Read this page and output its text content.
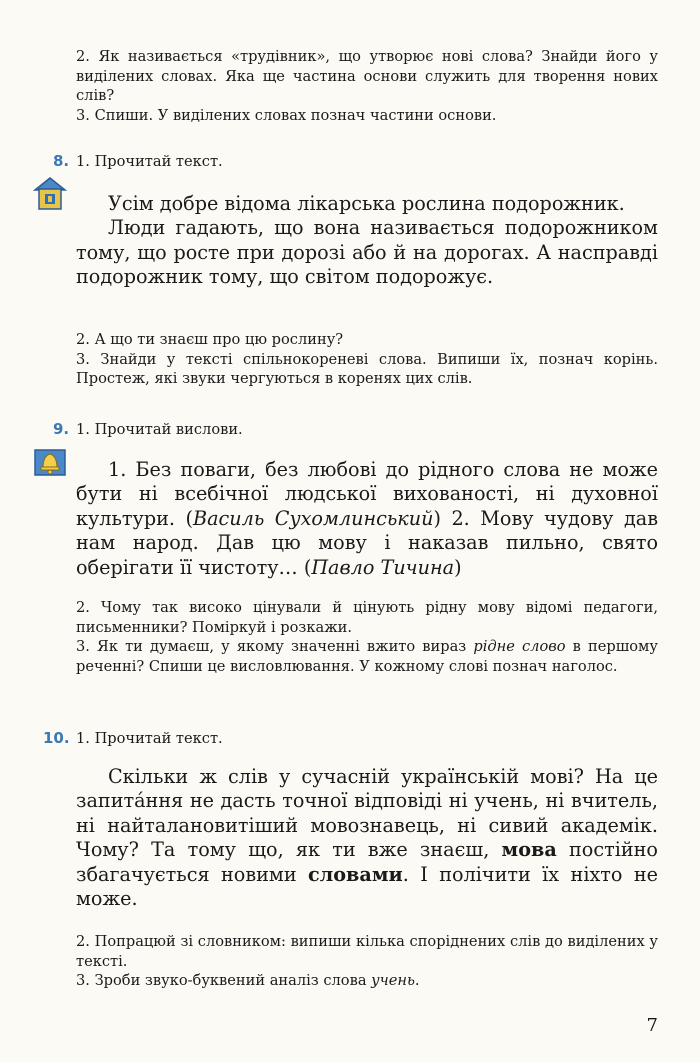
2. Як називається «трудівник», що утворює нові слова? Знайди його у виділених словах. Яка ще частина основи служить для творення нових слів?

3. Спиши. У виділених словах познач частини основи.

8. 1. Прочитай текст.

Усім добре відома лікарська рослина подорожник.

Люди гадають, що вона називається подорожником тому, що росте при дорозі або й на дорогах. А насправді подорожник тому, що світом подорожує.

2. А що ти знаєш про цю рослину?

3. Знайди у тексті спільнокореневі слова. Випиши їх, познач корінь. Простеж, які звуки чергуються в коренях цих слів.

9. 1. Прочитай вислови.

1. Без поваги, без любові до рідного слова не може бути ні всебічної людської вихованості, ні духовної культури. (Василь Сухомлинський) 2. Мову чудову дав нам народ. Дав цю мову і наказав пильно, свято оберігати її чистоту… (Павло Тичина)

2. Чому так високо цінували й цінують рідну мову відомі педагоги, письменники? Поміркуй і розкажи.

3. Як ти думаєш, у якому значенні вжито вираз рідне слово в першому реченні? Спиши це висловлювання. У кожному слові познач наголос.

10. 1. Прочитай текст.

Скільки ж слів у сучасній українській мові? На це запита́ння не дасть точної відповіді ні учень, ні вчитель, ні найталановитіший мовознавець, ні сивий академік. Чому? Та тому що, як ти вже знаєш, мова постійно збагачується новими словами. І полічити їх ніхто не може.

2. Попрацюй зі словником: випиши кілька споріднених слів до виділених у тексті.

3. Зроби звуко-буквений аналіз слова учень.

7
